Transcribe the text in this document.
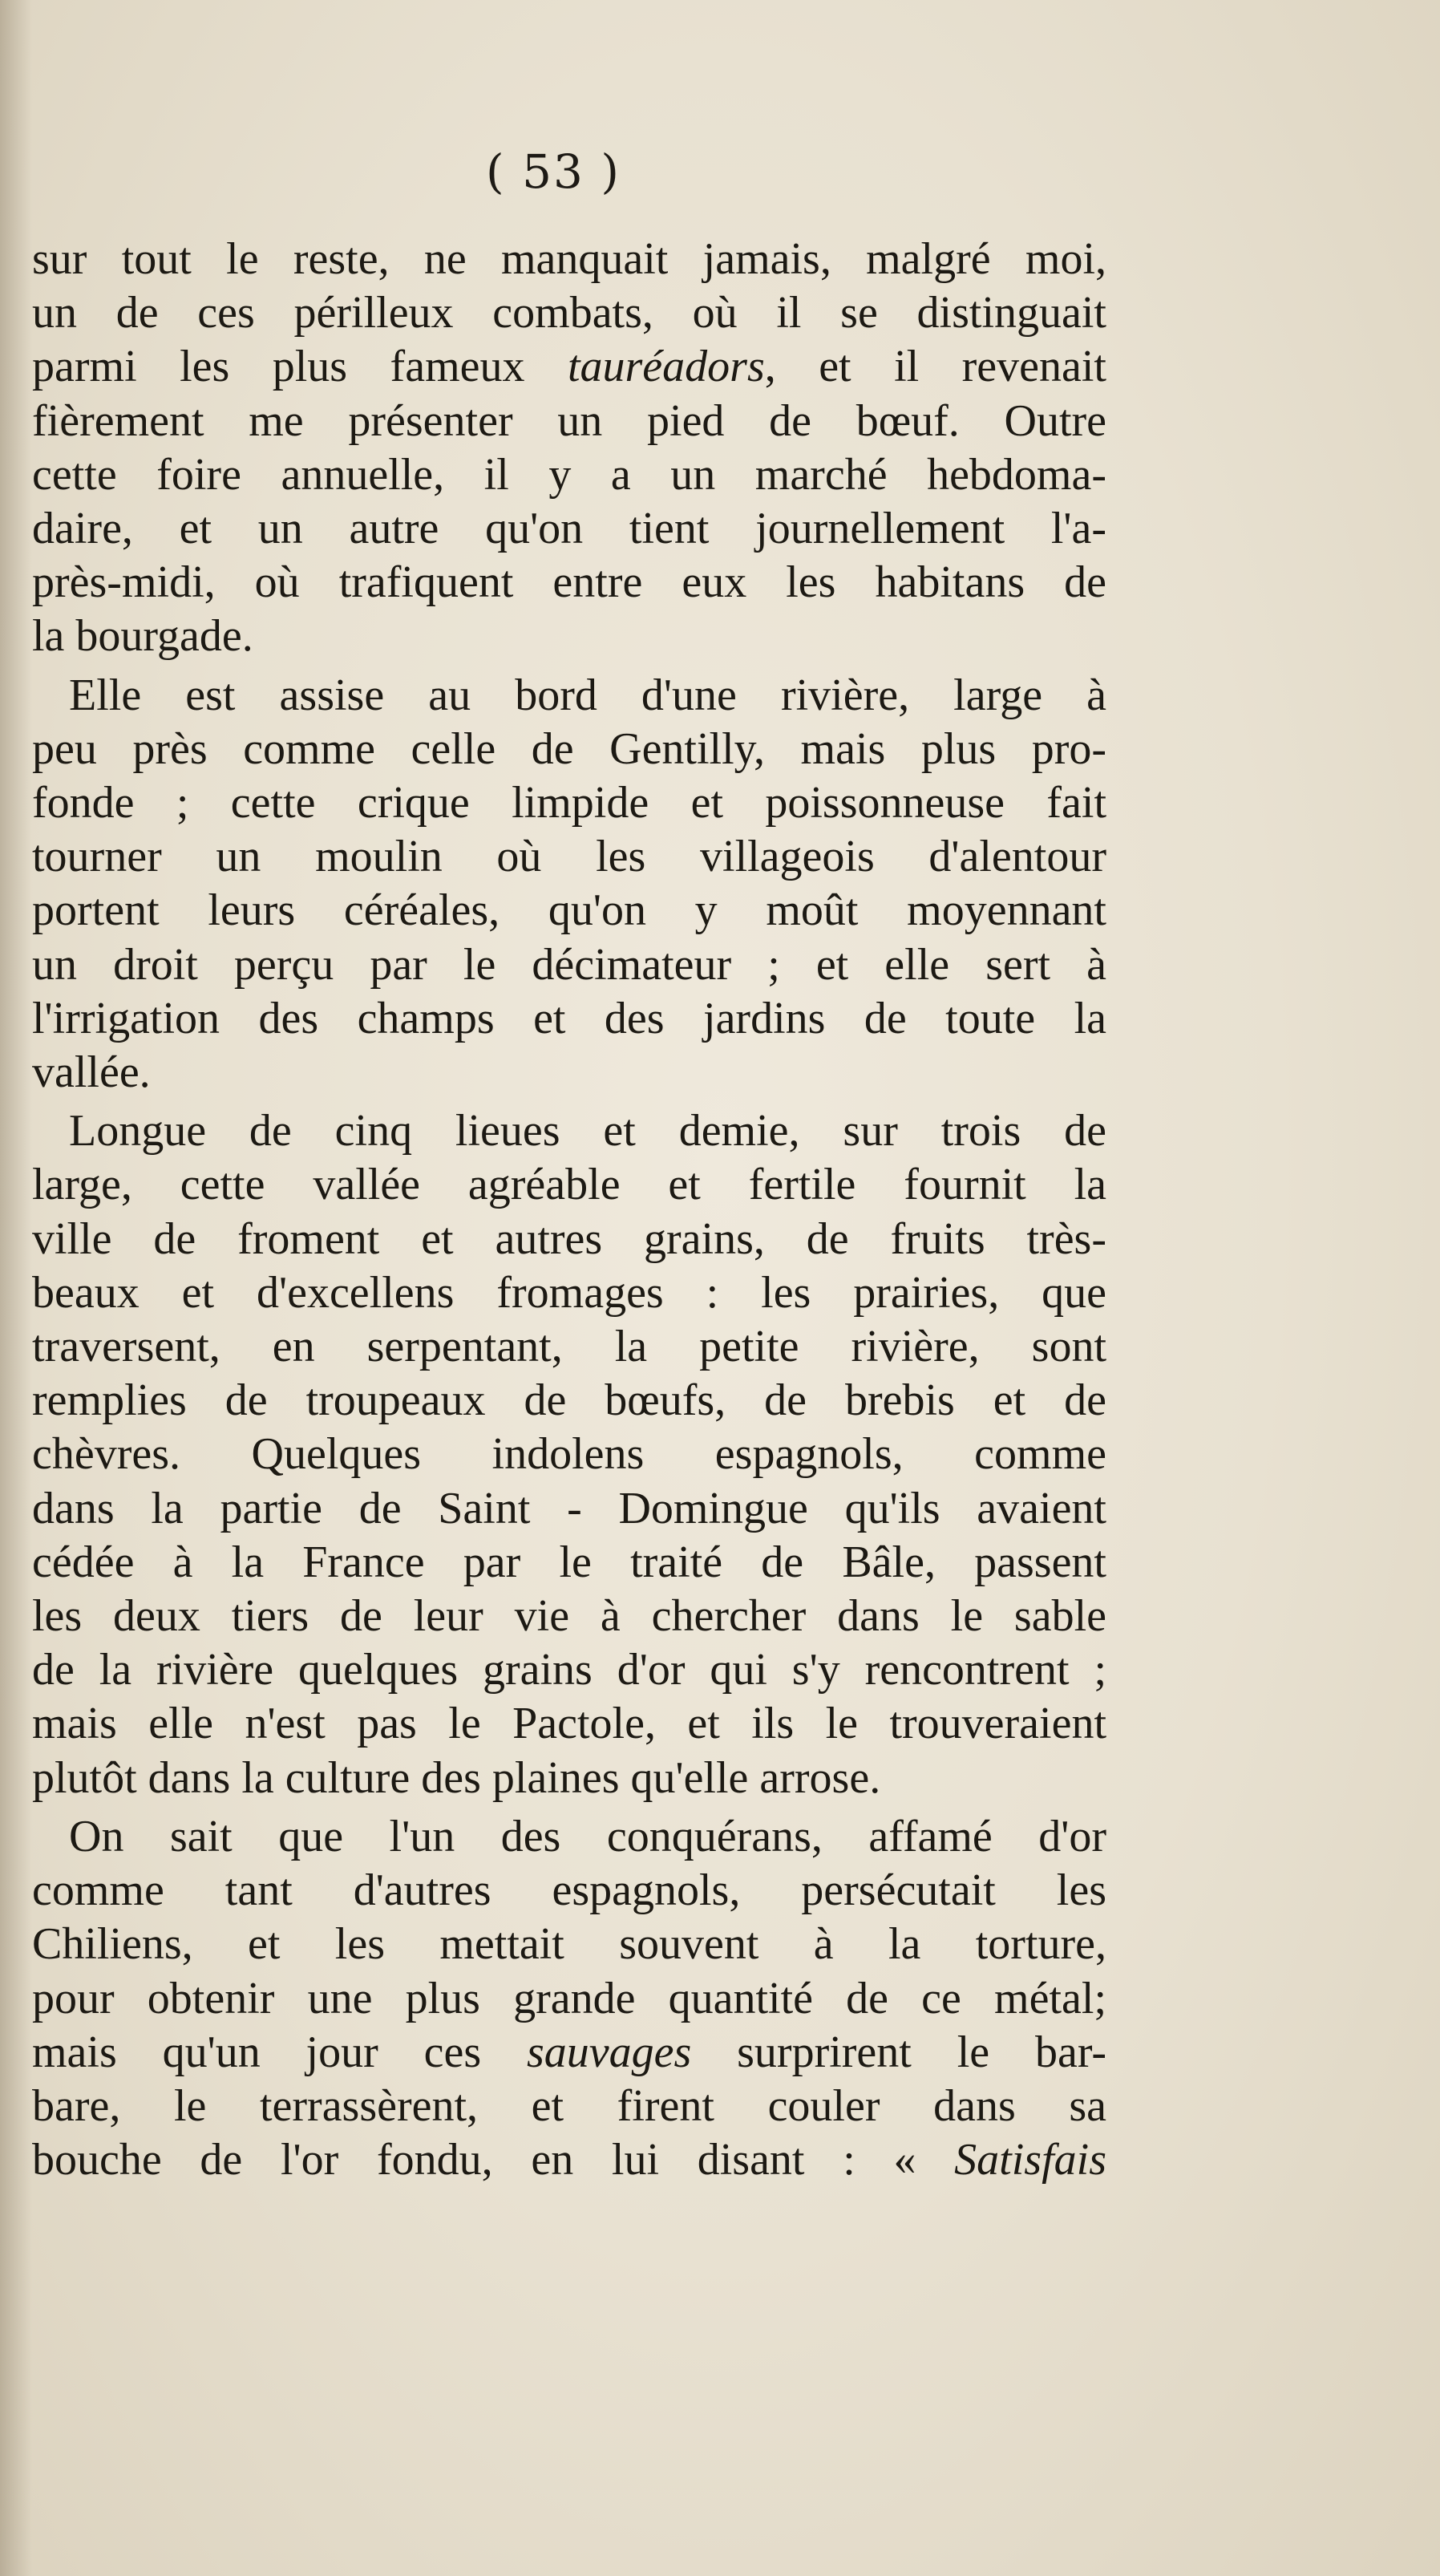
( 53 )

sur tout le reste, ne manquait jamais, malgré moi,
un de ces périlleux combats, où il se distinguait
parmi les plus fameux tauréadors, et il revenait
fièrement me présenter un pied de bœuf. Outre
cette foire annuelle, il y a un marché hebdoma-
daire, et un autre qu'on tient journellement l'a-
près-midi, où trafiquent entre eux les habitans de
la bourgade.

Elle est assise au bord d'une rivière, large à
peu près comme celle de Gentilly, mais plus pro-
fonde ; cette crique limpide et poissonneuse fait
tourner un moulin où les villageois d'alentour
portent leurs céréales, qu'on y moût moyennant
un droit perçu par le décimateur ; et elle sert à
l'irrigation des champs et des jardins de toute la
vallée.

Longue de cinq lieues et demie, sur trois de
large, cette vallée agréable et fertile fournit la
ville de froment et autres grains, de fruits très-
beaux et d'excellens fromages : les prairies, que
traversent, en serpentant, la petite rivière, sont
remplies de troupeaux de bœufs, de brebis et de
chèvres. Quelques indolens espagnols, comme
dans la partie de Saint - Domingue qu'ils avaient
cédée à la France par le traité de Bâle, passent
les deux tiers de leur vie à chercher dans le sable
de la rivière quelques grains d'or qui s'y rencontrent ;
mais elle n'est pas le Pactole, et ils le trouveraient
plutôt dans la culture des plaines qu'elle arrose.

On sait que l'un des conquérans, affamé d'or
comme tant d'autres espagnols, persécutait les
Chiliens, et les mettait souvent à la torture,
pour obtenir une plus grande quantité de ce métal;
mais qu'un jour ces sauvages surprirent le bar-
bare, le terrassèrent, et firent couler dans sa
bouche de l'or fondu, en lui disant : « Satisfais
